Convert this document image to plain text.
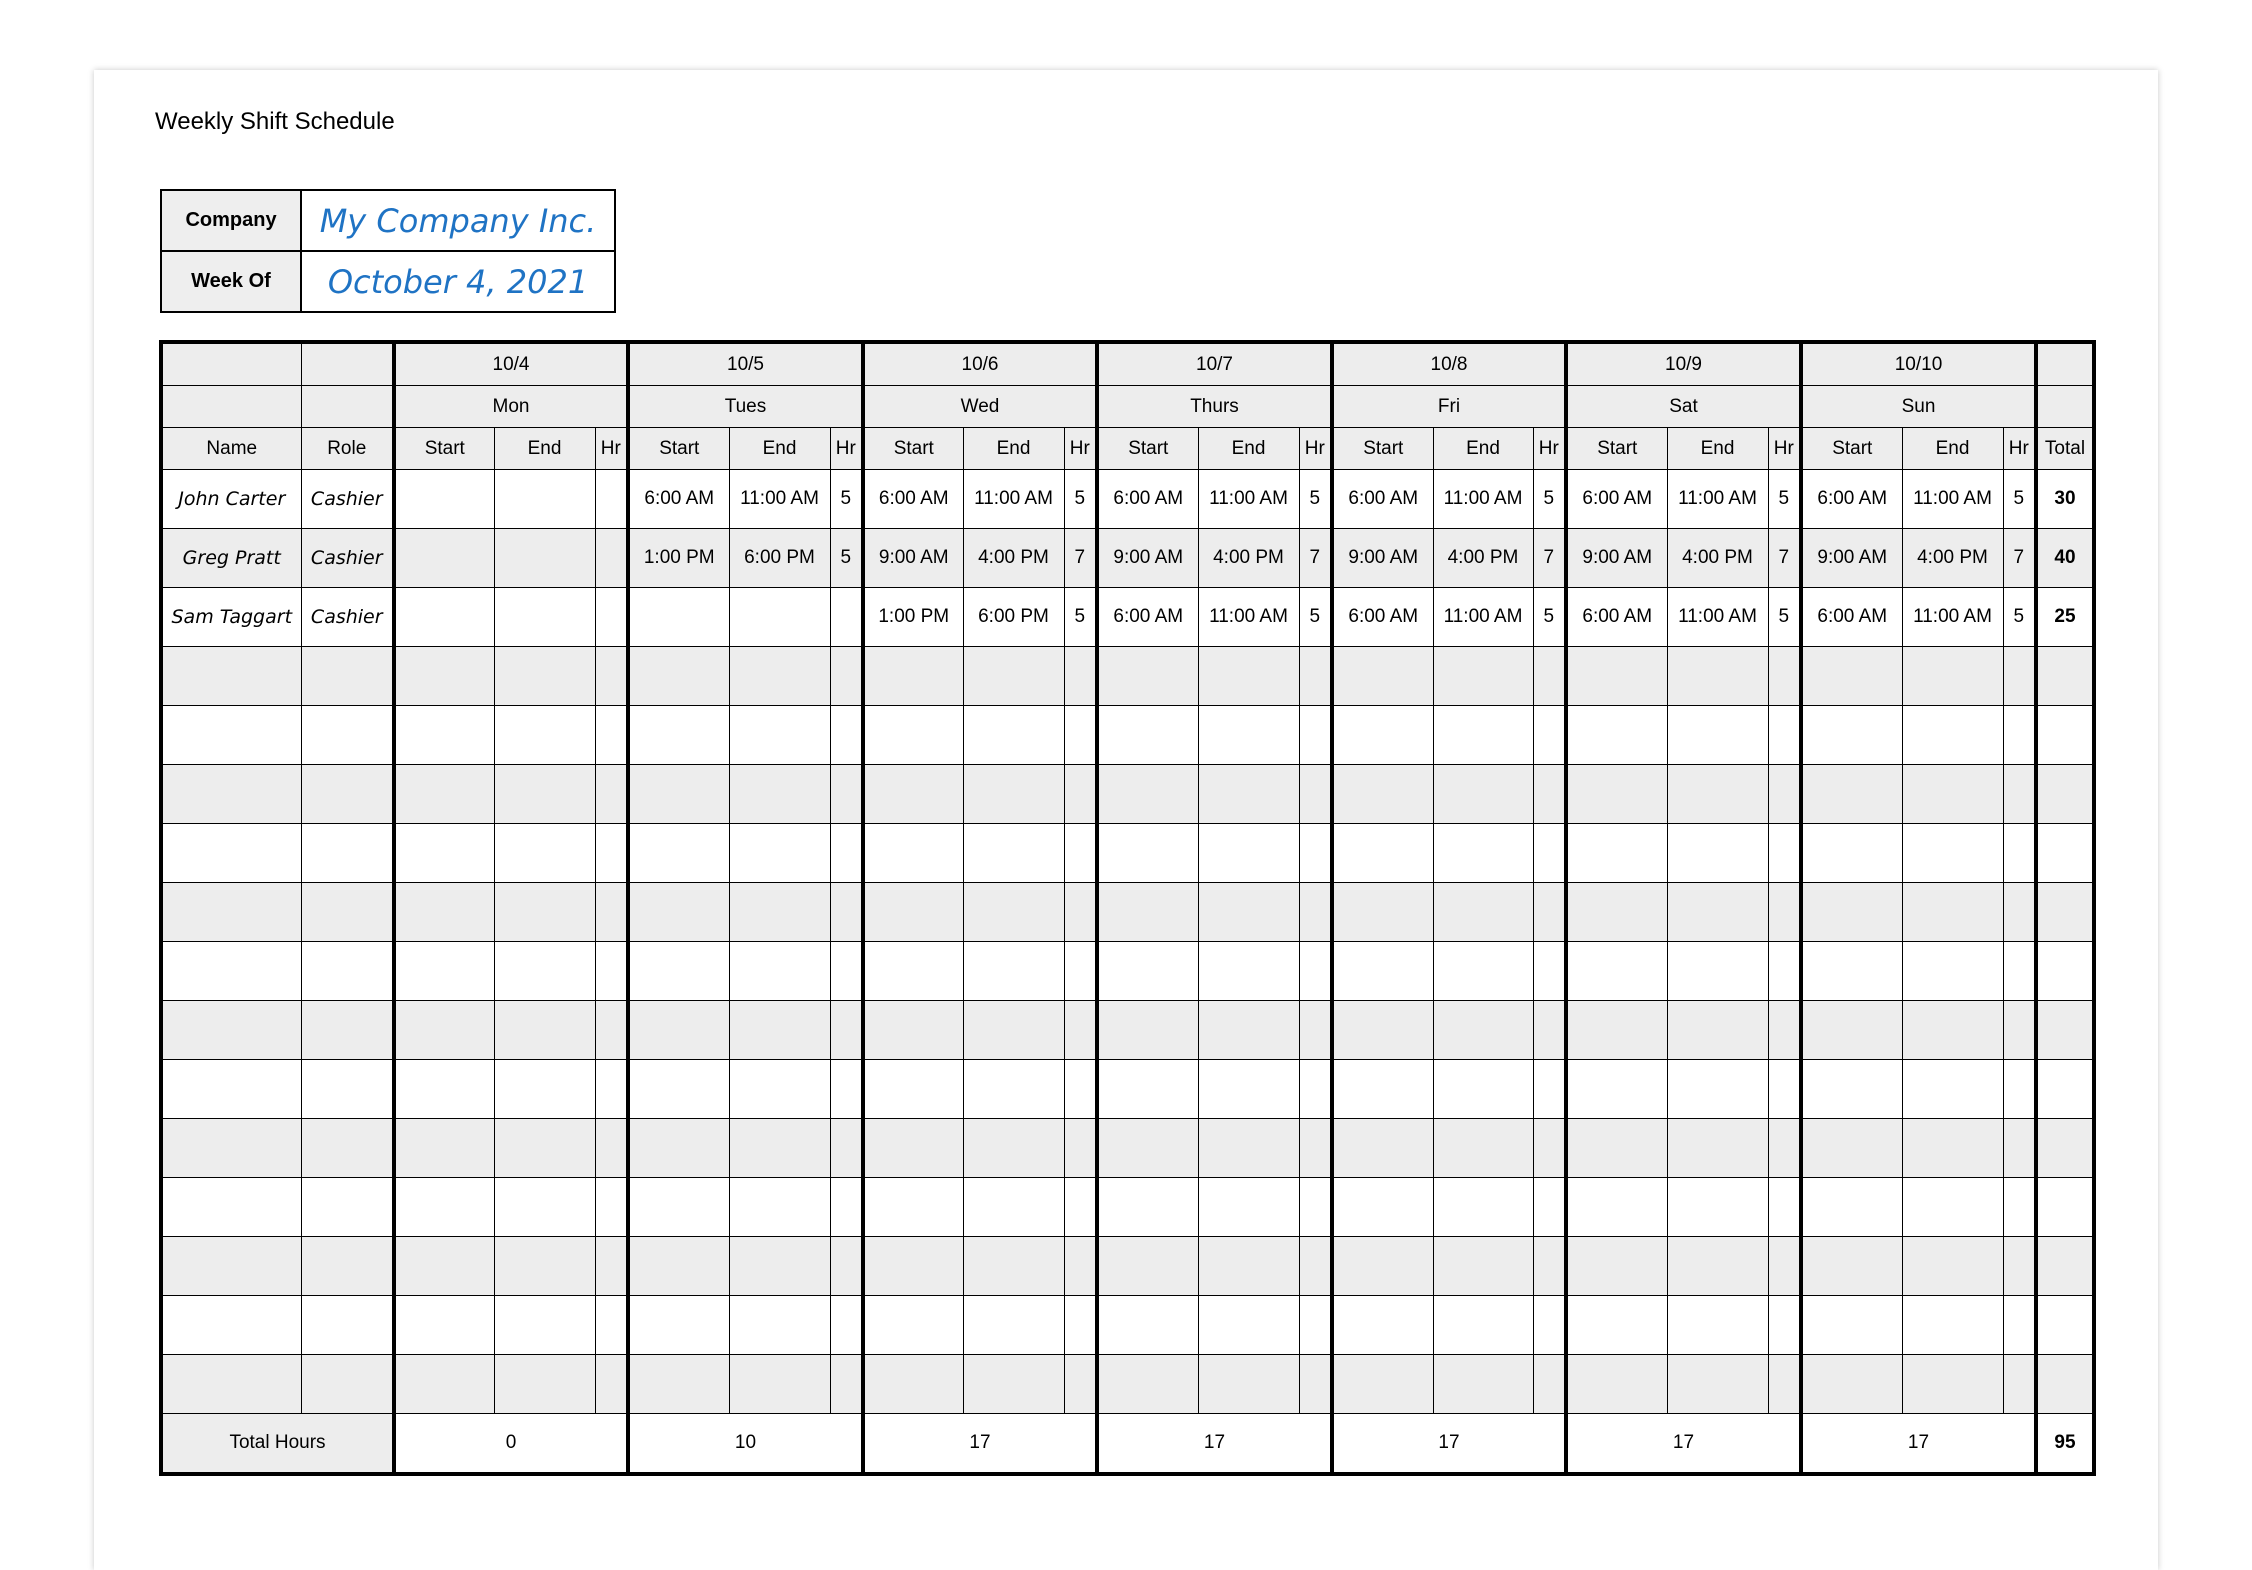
Weekly Shift Schedule
Company	My Company Inc.
Week Of	October 4, 2021
		10/4			10/5			10/6			10/7			10/8			10/9			10/10			
		Mon			Tues			Wed			Thurs			Fri			Sat			Sun			
Name	Role	Start	End	Hr	Start	End	Hr	Start	End	Hr	Start	End	Hr	Start	End	Hr	Start	End	Hr	Start	End	Hr	Total
John Carter	Cashier				6:00 AM	11:00 AM	5	6:00 AM	11:00 AM	5	6:00 AM	11:00 AM	5	6:00 AM	11:00 AM	5	6:00 AM	11:00 AM	5	6:00 AM	11:00 AM	5	30
Greg Pratt	Cashier				1:00 PM	6:00 PM	5	9:00 AM	4:00 PM	7	9:00 AM	4:00 PM	7	9:00 AM	4:00 PM	7	9:00 AM	4:00 PM	7	9:00 AM	4:00 PM	7	40
Sam Taggart	Cashier							1:00 PM	6:00 PM	5	6:00 AM	11:00 AM	5	6:00 AM	11:00 AM	5	6:00 AM	11:00 AM	5	6:00 AM	11:00 AM	5	25

Total Hours		0			10			17			17			17			17			17			95
